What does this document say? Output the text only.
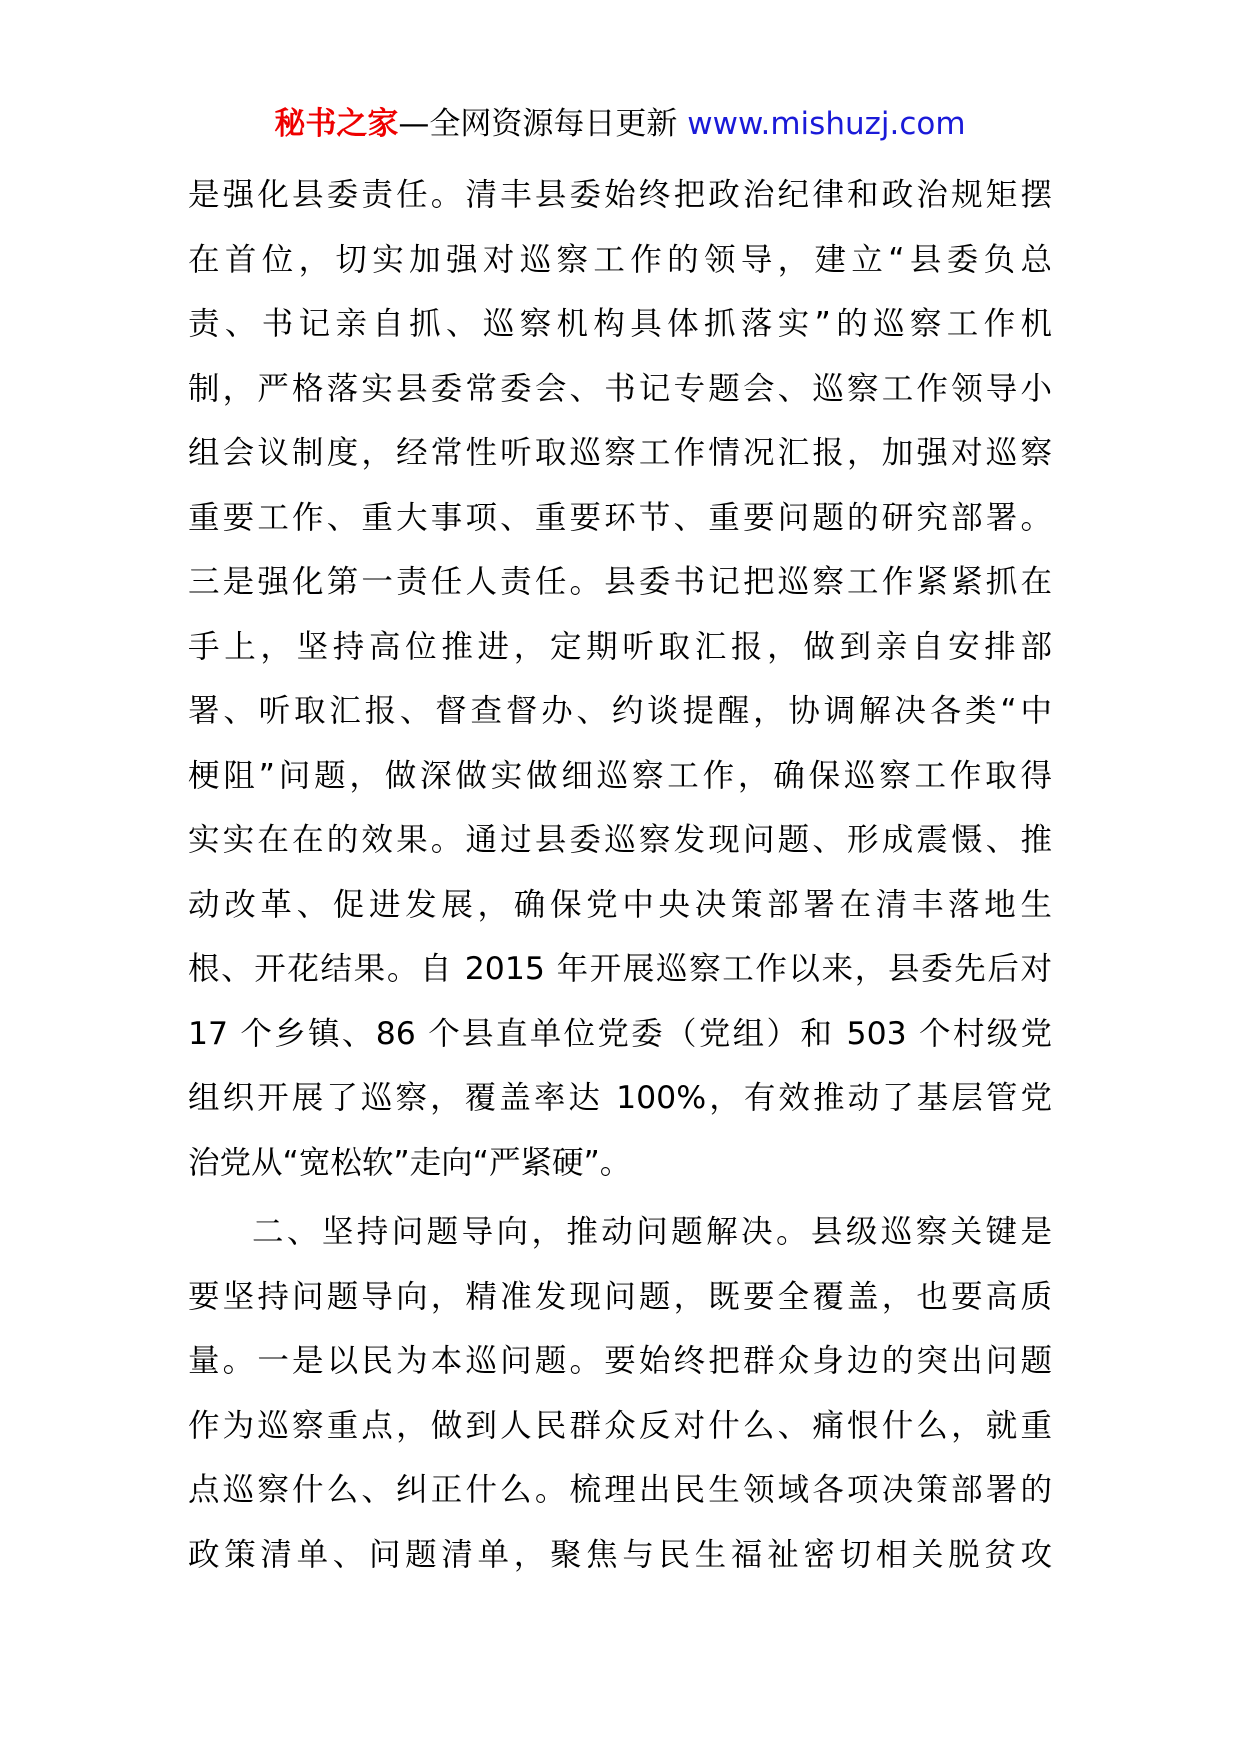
秘书之家—全网资源每日更新 www.mishuzj.com
是强化县委责任。清丰县委始终把政治纪律和政治规矩摆
在首位，切实加强对巡察工作的领导，建立“县委负总
责、书记亲自抓、巡察机构具体抓落实”的巡察工作机
制，严格落实县委常委会、书记专题会、巡察工作领导小
组会议制度，经常性听取巡察工作情况汇报，加强对巡察
重要工作、重大事项、重要环节、重要问题的研究部署。
三是强化第一责任人责任。县委书记把巡察工作紧紧抓在
手上，坚持高位推进，定期听取汇报，做到亲自安排部
署、听取汇报、督查督办、约谈提醒，协调解决各类“中
梗阻”问题，做深做实做细巡察工作，确保巡察工作取得
实实在在的效果。通过县委巡察发现问题、形成震慑、推
动改革、促进发展，确保党中央决策部署在清丰落地生
根、开花结果。自 2015 年开展巡察工作以来，县委先后对
17 个乡镇、86 个县直单位党委（党组）和 503 个村级党
组织开展了巡察，覆盖率达 100%，有效推动了基层管党
治党从“宽松软”走向“严紧硬”。
二、坚持问题导向，推动问题解决。县级巡察关键是
要坚持问题导向，精准发现问题，既要全覆盖，也要高质
量。一是以民为本巡问题。要始终把群众身边的突出问题
作为巡察重点，做到人民群众反对什么、痛恨什么，就重
点巡察什么、纠正什么。梳理出民生领域各项决策部署的
政策清单、问题清单，聚焦与民生福祉密切相关脱贫攻
